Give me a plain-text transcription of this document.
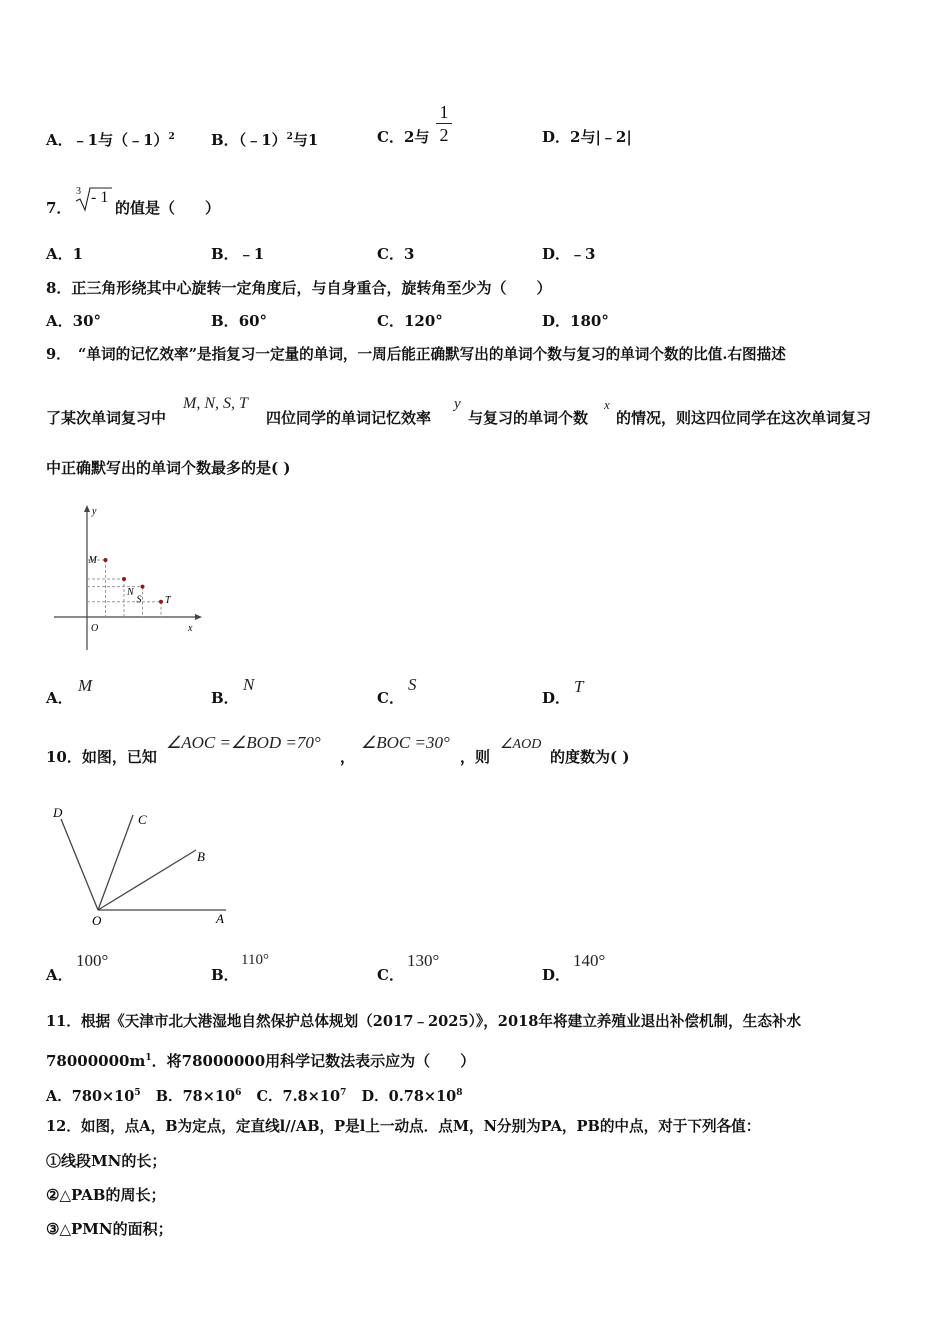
A．﹣1与（﹣1）$^2$ B．（﹣1）$^2$与1	C．2与
1
2	D．2与|﹣2|
7．
3 - 1
的值是（　　）
A．1	B．﹣1	C．3	D．﹣3
8．正三角形绕其中心旋转一定角度后，与自身重合，旋转角至少为（　　）
A．30°	B．60°	C．120°	D．180°
9．　“单词的记忆效率”是指复习一定量的单词，一周后能正确默写出的单词个数与复习的单词个数的比值.右图描述
了某次单词复习中
M, N, S, T
四位同学的单词记忆效率
y
与复习的单词个数
x
的情况，则这四位同学在这次单词复习
中正确默写出的单词个数最多的是( )
y
x
O
M
N
S T
A．
M
B．
N
C．
S
D．
T
10．如图，已知
∠AOC =∠BOD =70°
，
∠BOC =30°
，则
∠AOD
的度数为( )
D	C
B
O	A
A．
100°
B．
110°
C．
130°
D．
140°
11．根据《天津市北大港湿地自然保护总体规划（2017﹣2025）》，2018年将建立养殖业退出补偿机制，生态补水
$78000000m^1$．将78000000用科学记数法表示应为（　　）
A．$780\times 10^5$ B．$78\times 10^6$ C．$7.8\times 10^7$ D．$0.78\times 10^8$
12．如图，点A，B为定点，定直线l//AB，P是l上一动点．点M，N分别为PA，PB的中点，对于下列各值：
①线段MN的长；
②△PAB的周长；
③△PMN的面积；
